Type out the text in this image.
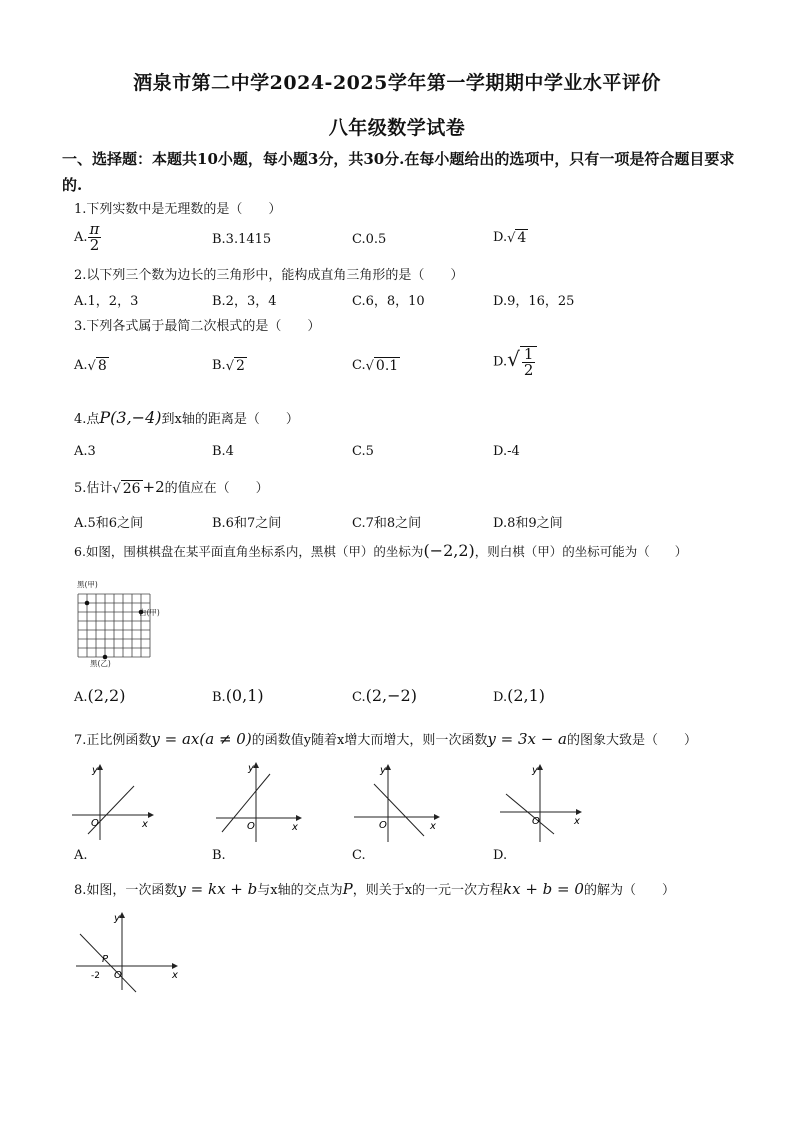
酒泉市第二中学2024-2025学年第一学期期中学业水平评价
八年级数学试卷
一、选择题：本题共10小题，每小题3分，共30分.在每小题给出的选项中，只有一项是符合题目要求的.
1.下列实数中是无理数的是（　　）
A. $\frac{\pi}{2}$	B.3.1415	C.0.5	D.√ 4
2.以下列三个数为边长的三角形中，能构成直角三角形的是（　　）
A.1，2，3	B.2，3，4	C.6，8，10	D.9，16，25
3.下列各式属于最简二次根式的是（　　）
A.√ 8	B.√ 2	C.√ 0.1	$D.√ \frac{1}{2}$
4.点P(3,−4)到x轴的距离是（　　）
A.3	B.4	C.5	D.-4
5.估计√ 26 +2的值应在（　　）
A.5和6之间	B.6和7之间	C.7和8之间	D.8和9之间
6.如图，围棋棋盘在某平面直角坐标系内，黑棋（甲）的坐标为(−2,2)，则白棋（甲）的坐标可能为（　　）
黑(甲)
白(甲)
黑(乙)
A.(2,2)	B.(0,1)	C.(2,−2)	D.(2,1)
7.正比例函数y = ax(a ≠ 0)的函数值y随着x增大而增大，则一次函数y = 3x − a的图象大致是（　　）
y
x
O
A.
y
x
O
B.
y
x
O
C.
y
x
O
D.
8.如图，一次函数y = kx + b与x轴的交点为P，则关于x的一元一次方程kx + b = 0的解为（　　）
y
x
O
P
-2
